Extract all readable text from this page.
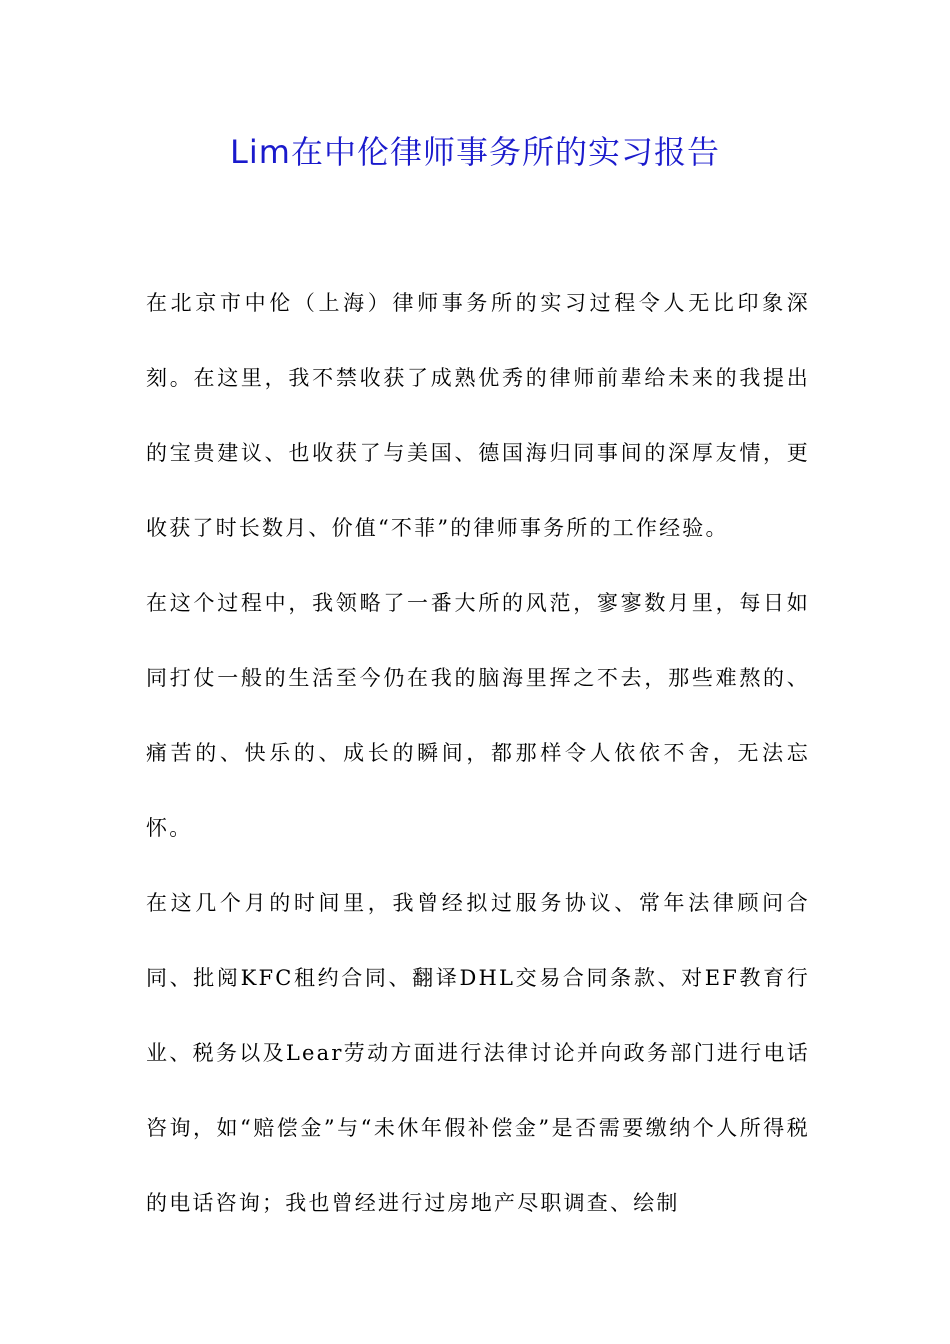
Lim在中伦律师事务所的实习报告

在北京市中伦（上海）律师事务所的实习过程令人无比印象深刻。在这里，我不禁收获了成熟优秀的律师前辈给未来的我提出的宝贵建议、也收获了与美国、德国海归同事间的深厚友情，更收获了时长数月、价值“不菲”的律师事务所的工作经验。

在这个过程中，我领略了一番大所的风范，寥寥数月里，每日如同打仗一般的生活至今仍在我的脑海里挥之不去，那些难熬的、痛苦的、快乐的、成长的瞬间，都那样令人依依不舍，无法忘怀。

在这几个月的时间里，我曾经拟过服务协议、常年法律顾问合同、批阅KFC租约合同、翻译DHL交易合同条款、对EF教育行业、税务以及Lear劳动方面进行法律讨论并向政务部门进行电话咨询，如“赔偿金”与“未休年假补偿金”是否需要缴纳个人所得税的电话咨询；我也曾经进行过房地产尽职调查、绘制
